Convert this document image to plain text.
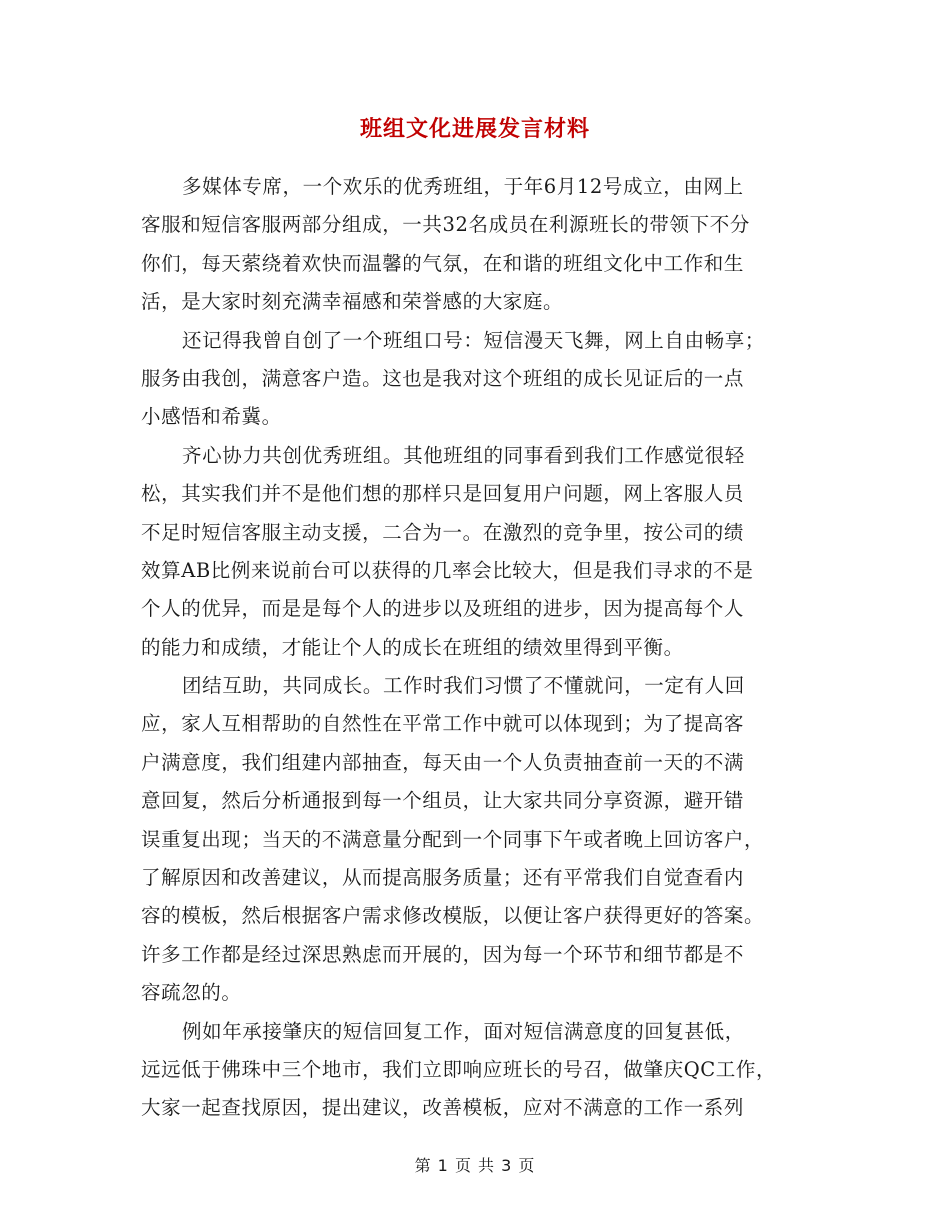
班组文化进展发言材料
多媒体专席，一个欢乐的优秀班组，于年6月12号成立，由网上
客服和短信客服两部分组成，一共32名成员在利源班长的带领下不分
你们，每天萦绕着欢快而温馨的气氛，在和谐的班组文化中工作和生
活，是大家时刻充满幸福感和荣誉感的大家庭。
还记得我曾自创了一个班组口号：短信漫天飞舞，网上自由畅享；
服务由我创，满意客户造。这也是我对这个班组的成长见证后的一点
小感悟和希冀。
齐心协力共创优秀班组。其他班组的同事看到我们工作感觉很轻
松，其实我们并不是他们想的那样只是回复用户问题，网上客服人员
不足时短信客服主动支援，二合为一。在激烈的竞争里，按公司的绩
效算AB比例来说前台可以获得的几率会比较大，但是我们寻求的不是
个人的优异，而是是每个人的进步以及班组的进步，因为提高每个人
的能力和成绩，才能让个人的成长在班组的绩效里得到平衡。
团结互助，共同成长。工作时我们习惯了不懂就问，一定有人回
应，家人互相帮助的自然性在平常工作中就可以体现到；为了提高客
户满意度，我们组建内部抽查，每天由一个人负责抽查前一天的不满
意回复，然后分析通报到每一个组员，让大家共同分享资源，避开错
误重复出现；当天的不满意量分配到一个同事下午或者晚上回访客户，
了解原因和改善建议，从而提高服务质量；还有平常我们自觉查看内
容的模板，然后根据客户需求修改模版，以便让客户获得更好的答案。
许多工作都是经过深思熟虑而开展的，因为每一个环节和细节都是不
容疏忽的。
例如年承接肇庆的短信回复工作，面对短信满意度的回复甚低，
远远低于佛珠中三个地市，我们立即响应班长的号召，做肇庆QC工作，
大家一起查找原因，提出建议，改善模板，应对不满意的工作一系列
第 1 页 共 3 页
